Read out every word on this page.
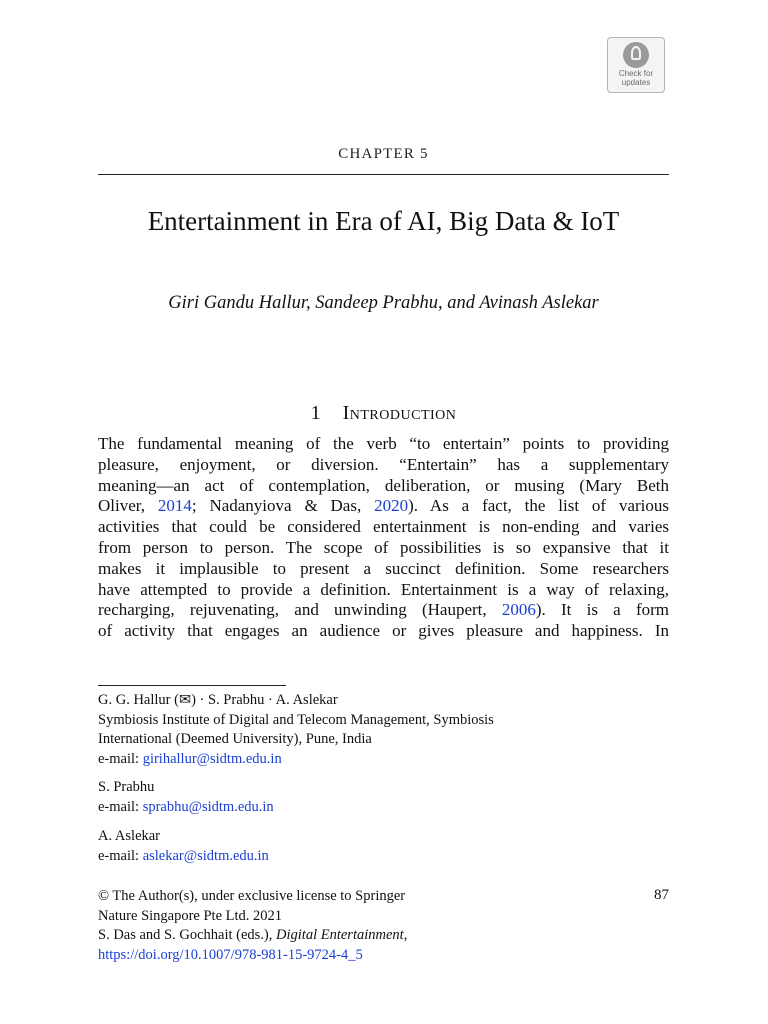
Check for
updates
CHAPTER 5
Entertainment in Era of AI, Big Data & IoT
Giri Gandu Hallur, Sandeep Prabhu, and Avinash Aslekar
1 Introduction
The fundamental meaning of the verb “to entertain” points to providing
pleasure, enjoyment, or diversion. “Entertain” has a supplementary
meaning—an act of contemplation, deliberation, or musing (Mary Beth
Oliver, 2014; Nadanyiova & Das, 2020). As a fact, the list of various
activities that could be considered entertainment is non-ending and varies
from person to person. The scope of possibilities is so expansive that it
makes it implausible to present a succinct definition. Some researchers
have attempted to provide a definition. Entertainment is a way of relaxing,
recharging, rejuvenating, and unwinding (Haupert, 2006). It is a form
of activity that engages an audience or gives pleasure and happiness. In
G. G. Hallur (✉) · S. Prabhu · A. Aslekar
Symbiosis Institute of Digital and Telecom Management, Symbiosis
International (Deemed University), Pune, India
e-mail: girihallur@sidtm.edu.in
S. Prabhu
e-mail: sprabhu@sidtm.edu.in
A. Aslekar
e-mail: aslekar@sidtm.edu.in
© The Author(s), under exclusive license to Springer
Nature Singapore Pte Ltd. 2021
S. Das and S. Gochhait (eds.), Digital Entertainment,
https://doi.org/10.1007/978-981-15-9724-4_5
87
